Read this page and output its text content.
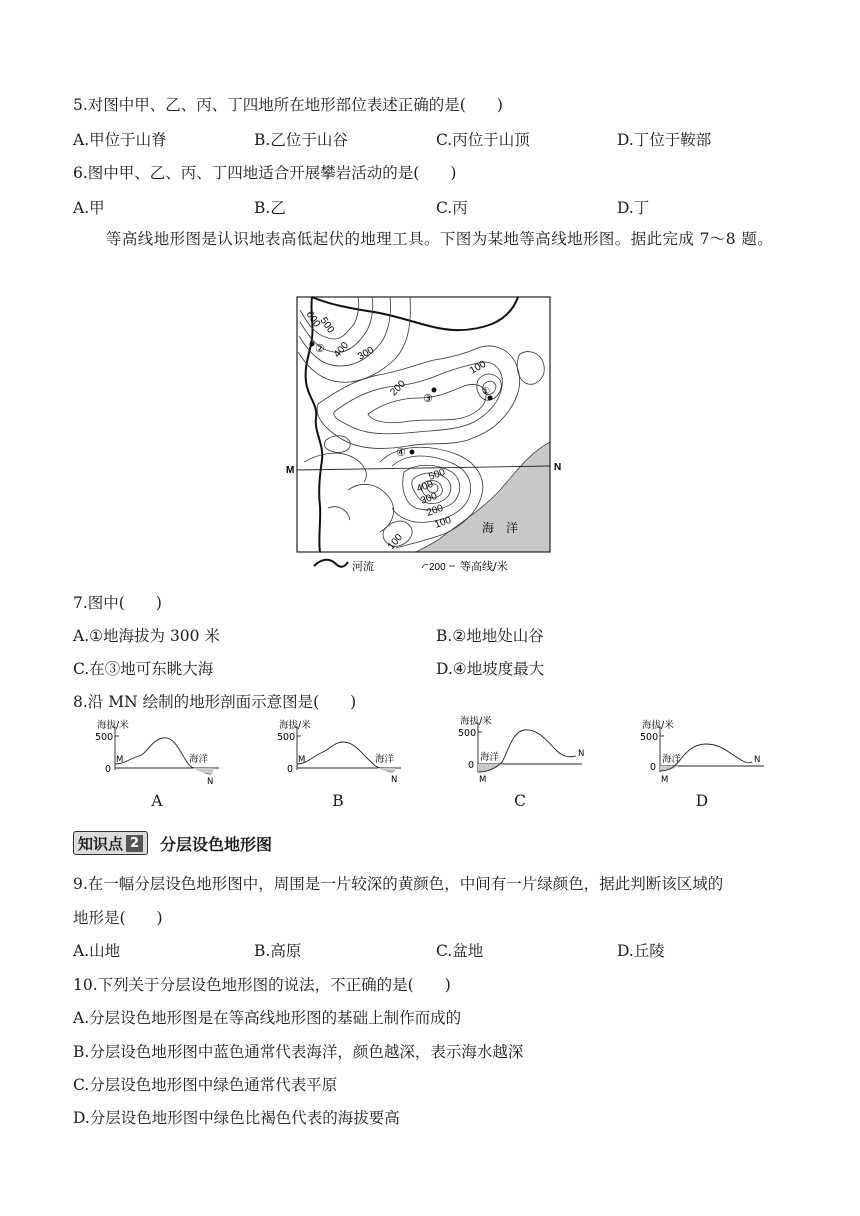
5.对图中甲、乙、丙、丁四地所在地形部位表述正确的是(　　)
A.甲位于山脊	B.乙位于山谷	C.丙位于山顶	D.丁位于鞍部
6.图中甲、乙、丙、丁四地适合开展攀岩活动的是(　　)
A.甲	B.乙	C.丙	D.丁
等高线地形图是认识地表高低起伏的地理工具。下图为某地等高线地形图。据此完成 7～8 题。
M	N
600
500
400 300
100
200
500
400
300
200
100
100
①
②
③
④
海　洋
河流	200 等高线/米
7.图中(　　)
A.①地海拔为 300 米	B.②地地处山谷
C.在③地可东眺大海	D.④地坡度最大
8.沿 MN 绘制的地形剖面示意图是(　　)
海拔/米
500
0
M	海洋
N
A
海拔/米
500
0
M	海洋
N
B
海拔/米
500
0
海洋
M
N
C
海拔/米
500
0
海洋
M
N
D
知识点 2 分层设色地形图
9.在一幅分层设色地形图中，周围是一片较深的黄颜色，中间有一片绿颜色，据此判断该区域的
地形是(　　)
A.山地	B.高原	C.盆地	D.丘陵
10.下列关于分层设色地形图的说法，不正确的是(　　)
A.分层设色地形图是在等高线地形图的基础上制作而成的
B.分层设色地形图中蓝色通常代表海洋，颜色越深，表示海水越深
C.分层设色地形图中绿色通常代表平原
D.分层设色地形图中绿色比褐色代表的海拔要高
